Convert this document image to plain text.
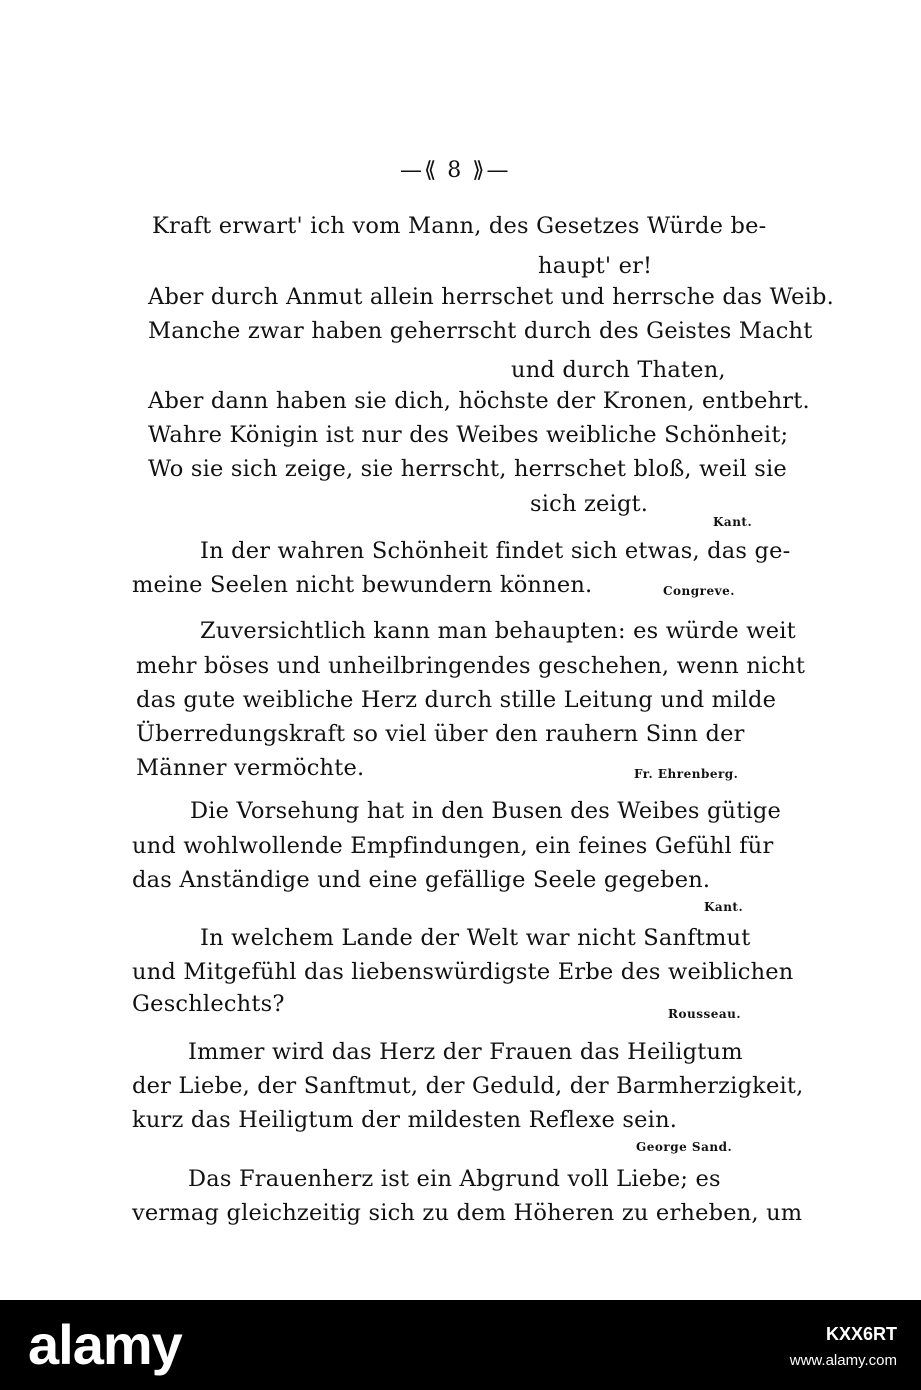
—⟪ 8 ⟫—
Kraft erwart' ich vom Mann, des Gesetzes Würde be-
haupt' er!
Aber durch Anmut allein herrschet und herrsche das Weib.
Manche zwar haben geherrscht durch des Geistes Macht
und durch Thaten,
Aber dann haben sie dich, höchste der Kronen, entbehrt.
Wahre Königin ist nur des Weibes weibliche Schönheit;
Wo sie sich zeige, sie herrscht, herrschet bloß, weil sie
sich zeigt.
Kant.
In der wahren Schönheit findet sich etwas, das ge-
meine Seelen nicht bewundern können.	Congreve.
Zuversichtlich kann man behaupten: es würde weit
mehr böses und unheilbringendes geschehen, wenn nicht
das gute weibliche Herz durch stille Leitung und milde
Überredungskraft so viel über den rauhern Sinn der
Männer vermöchte.	Fr. Ehrenberg.
Die Vorsehung hat in den Busen des Weibes gütige
und wohlwollende Empfindungen, ein feines Gefühl für
das Anständige und eine gefällige Seele gegeben.
Kant.
In welchem Lande der Welt war nicht Sanftmut
und Mitgefühl das liebenswürdigste Erbe des weiblichen
Geschlechts?	Rousseau.
Immer wird das Herz der Frauen das Heiligtum
der Liebe, der Sanftmut, der Geduld, der Barmherzigkeit,
kurz das Heiligtum der mildesten Reflexe sein.
George Sand.
Das Frauenherz ist ein Abgrund voll Liebe; es
vermag gleichzeitig sich zu dem Höheren zu erheben, um
alamy	KXX6RT
www.alamy.com
